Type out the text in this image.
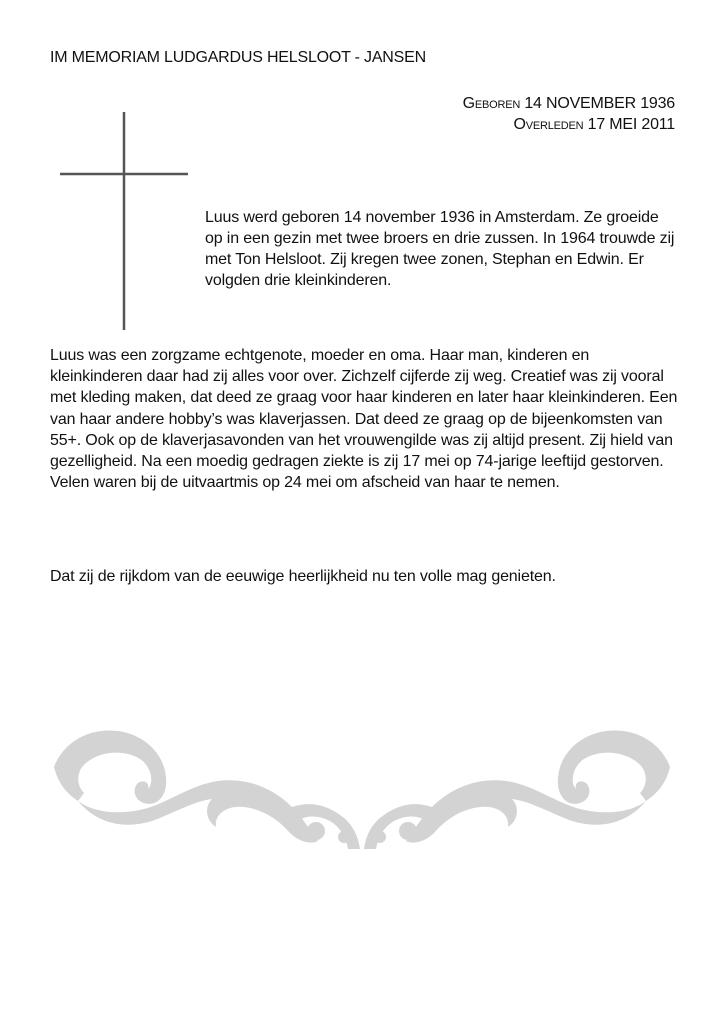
IM MEMORIAM LUDGARDUS HELSLOOT - JANSEN
Geboren 14 NOVEMBER 1936
Overleden 17 MEI 2011
Luus werd geboren 14 november 1936 in Amsterdam. Ze groeide op in een gezin met twee broers en drie zussen. In 1964 trouwde zij met Ton Helsloot. Zij kregen twee zonen, Stephan en Edwin. Er volgden drie kleinkinderen.
Luus was een zorgzame echtgenote, moeder en oma. Haar man, kinderen en kleinkinderen daar had zij alles voor over. Zichzelf cijferde zij weg. Creatief was zij vooral met kleding maken, dat deed ze graag voor haar kinderen en later haar kleinkinderen. Een van haar andere hobby’s was klaverjassen. Dat deed ze graag op de bijeenkomsten van 55+. Ook op de klaverjasavonden van het vrouwengilde was zij altijd present. Zij hield van gezelligheid. Na een moedig gedragen ziekte is zij 17 mei op 74-jarige leeftijd gestorven. Velen waren bij de uitvaartmis op 24 mei om afscheid van haar te nemen.
Dat zij de rijkdom van de eeuwige heerlijkheid nu ten volle mag genieten.
